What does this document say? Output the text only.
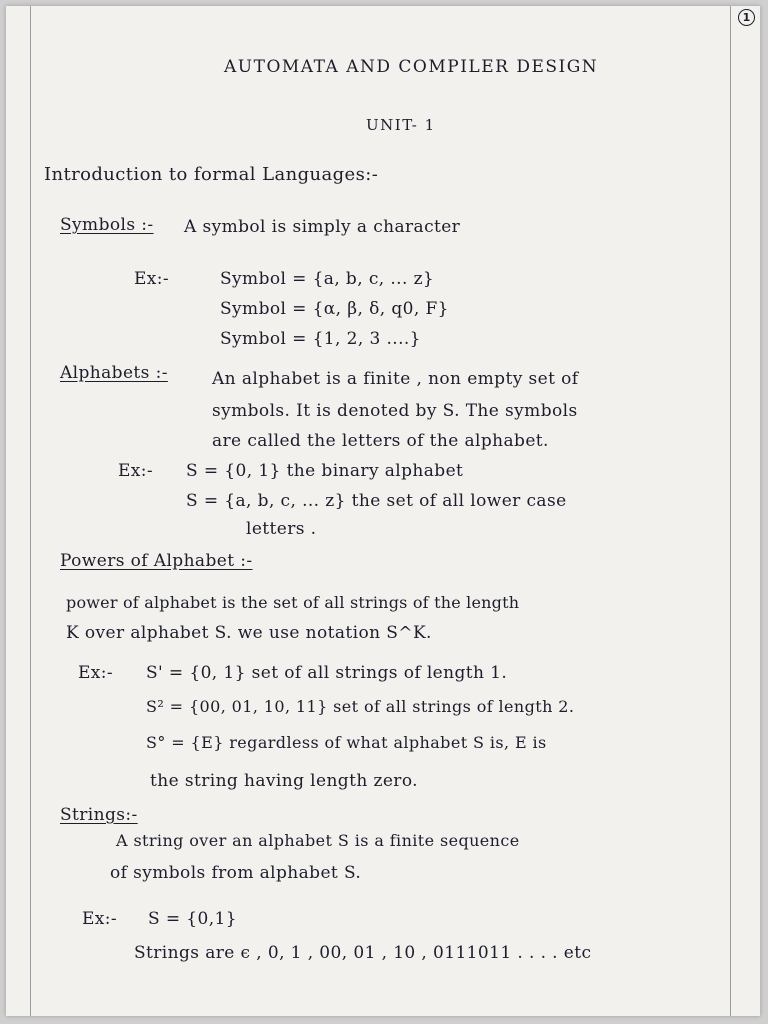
1

AUTOMATA AND COMPILER DESIGN

UNIT- 1

Introduction to formal Languages:-

Symbols :- A symbol is simply a character

Ex:-	Symbol = {a, b, c, ... z}

Symbol = {α, β, δ, q0, F}

Symbol = {1, 2, 3 ....}

Alphabets :-	An alphabet is a finite , non empty set of

symbols. It is denoted by S. The symbols

are called the letters of the alphabet.

Ex:- S = {0, 1} the binary alphabet

S = {a, b, c, ... z} the set of all lower case

letters .

Powers of Alphabet :-

power of alphabet is the set of all strings of the length

K over alphabet S. we use notation S^K.

Ex:- S' = {0, 1} set of all strings of length 1.

S² = {00, 01, 10, 11} set of all strings of length 2.

S° = {E} regardless of what alphabet S is, E is

the string having length zero.

Strings:-

A string over an alphabet S is a finite sequence

of symbols from alphabet S.

Ex:- S = {0,1}

Strings are ϵ , 0, 1 , 00, 01 , 10 , 0111011 . . . . etc
